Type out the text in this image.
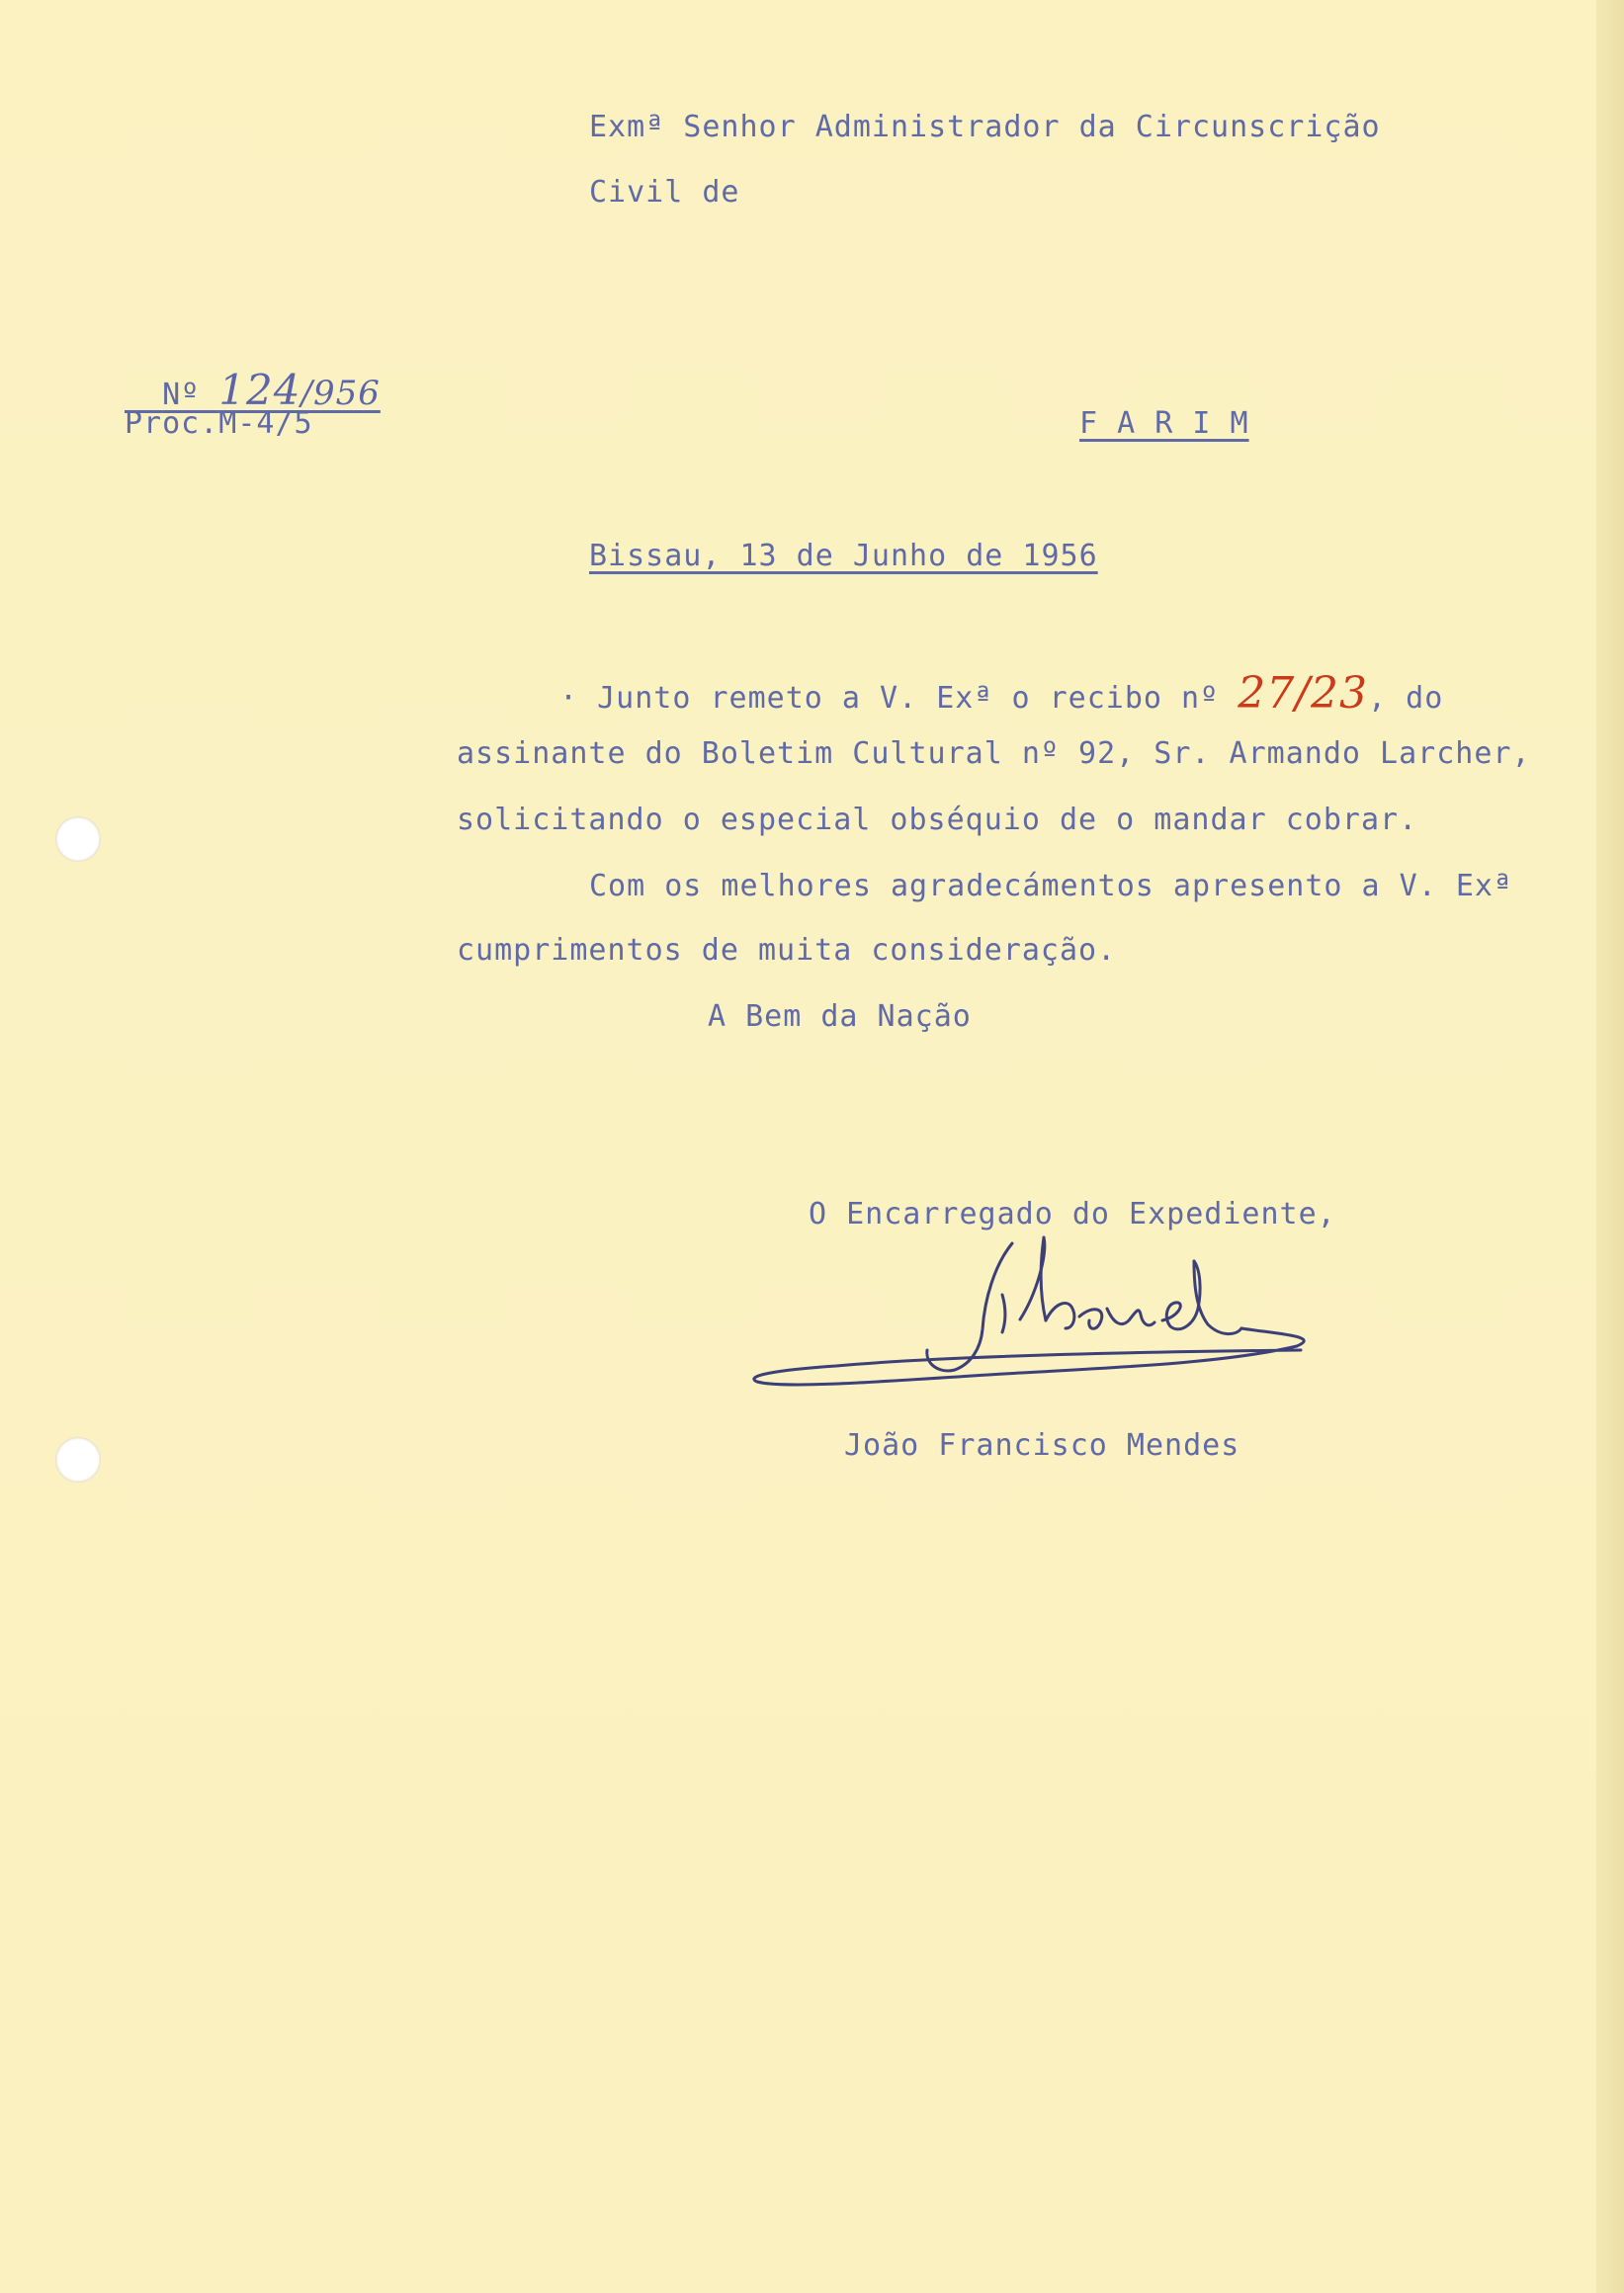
Exmª Senhor Administrador da Circunscrição
Civil de

Nº 124/956

Proc.M-4/5	F A R I M
Bissau, 13 de Junho de 1956
· Junto remeto a V. Exª o recibo nº 27/23, do
assinante do Boletim Cultural nº 92, Sr. Armando Larcher,
solicitando o especial obséquio de o mandar cobrar.
Com os melhores agradecámentos apresento a V. Exª
cumprimentos de muita consideração.
A Bem da Nação
O Encarregado do Expediente,
João Francisco Mendes
